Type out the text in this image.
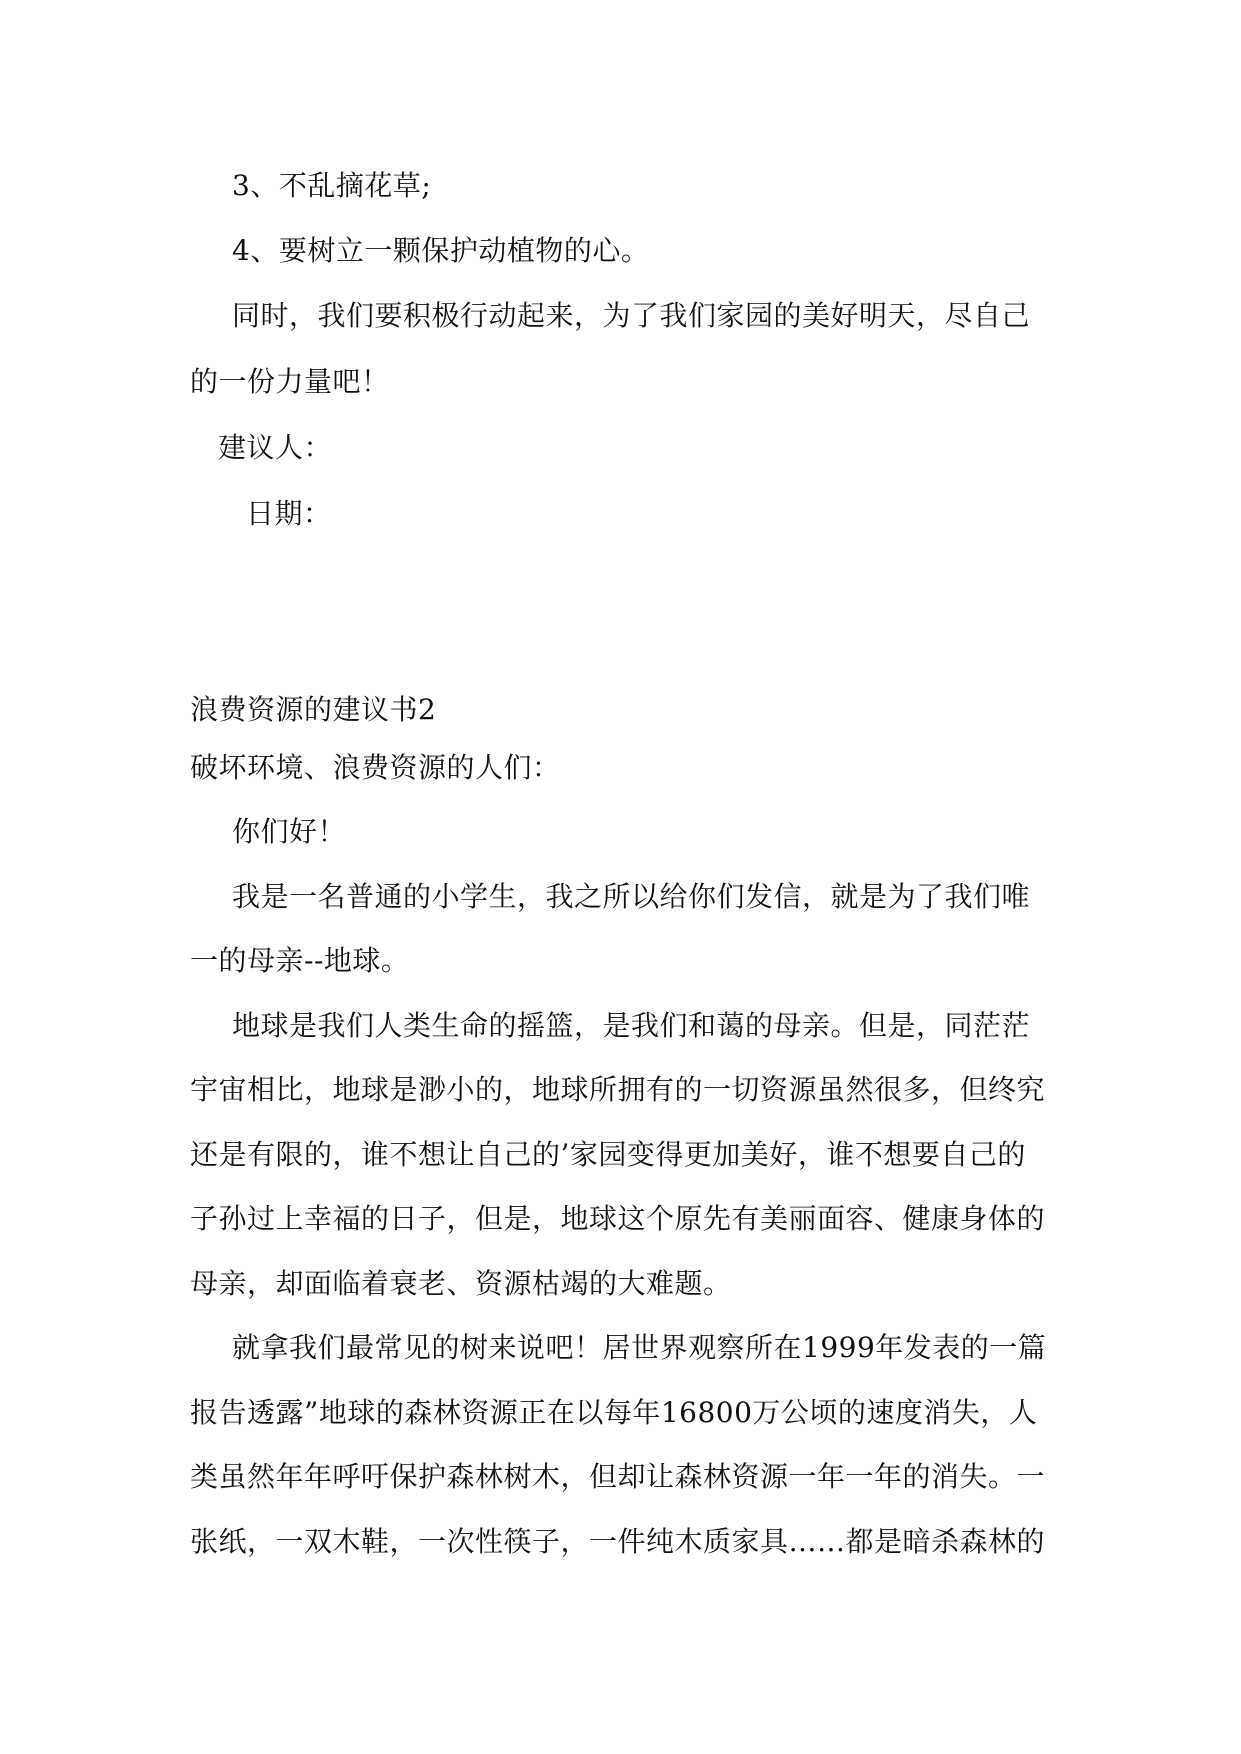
3、不乱摘花草;
4、要树立一颗保护动植物的心。
同时，我们要积极行动起来，为了我们家园的美好明天，尽自己
的一份力量吧！
建议人：
日期：
浪费资源的建议书2
破坏环境、浪费资源的人们：
你们好！
我是一名普通的小学生，我之所以给你们发信，就是为了我们唯
一的母亲--地球。
地球是我们人类生命的摇篮，是我们和蔼的母亲。但是，同茫茫
宇宙相比，地球是渺小的，地球所拥有的一切资源虽然很多，但终究
还是有限的，谁不想让自己的’家园变得更加美好，谁不想要自己的
子孙过上幸福的日子，但是，地球这个原先有美丽面容、健康身体的
母亲，却面临着衰老、资源枯竭的大难题。
就拿我们最常见的树来说吧！居世界观察所在1999年发表的一篇
报告透露”地球的森林资源正在以每年16800万公顷的速度消失，人
类虽然年年呼吁保护森林树木，但却让森林资源一年一年的消失。一
张纸，一双木鞋，一次性筷子，一件纯木质家具……都是暗杀森林的
